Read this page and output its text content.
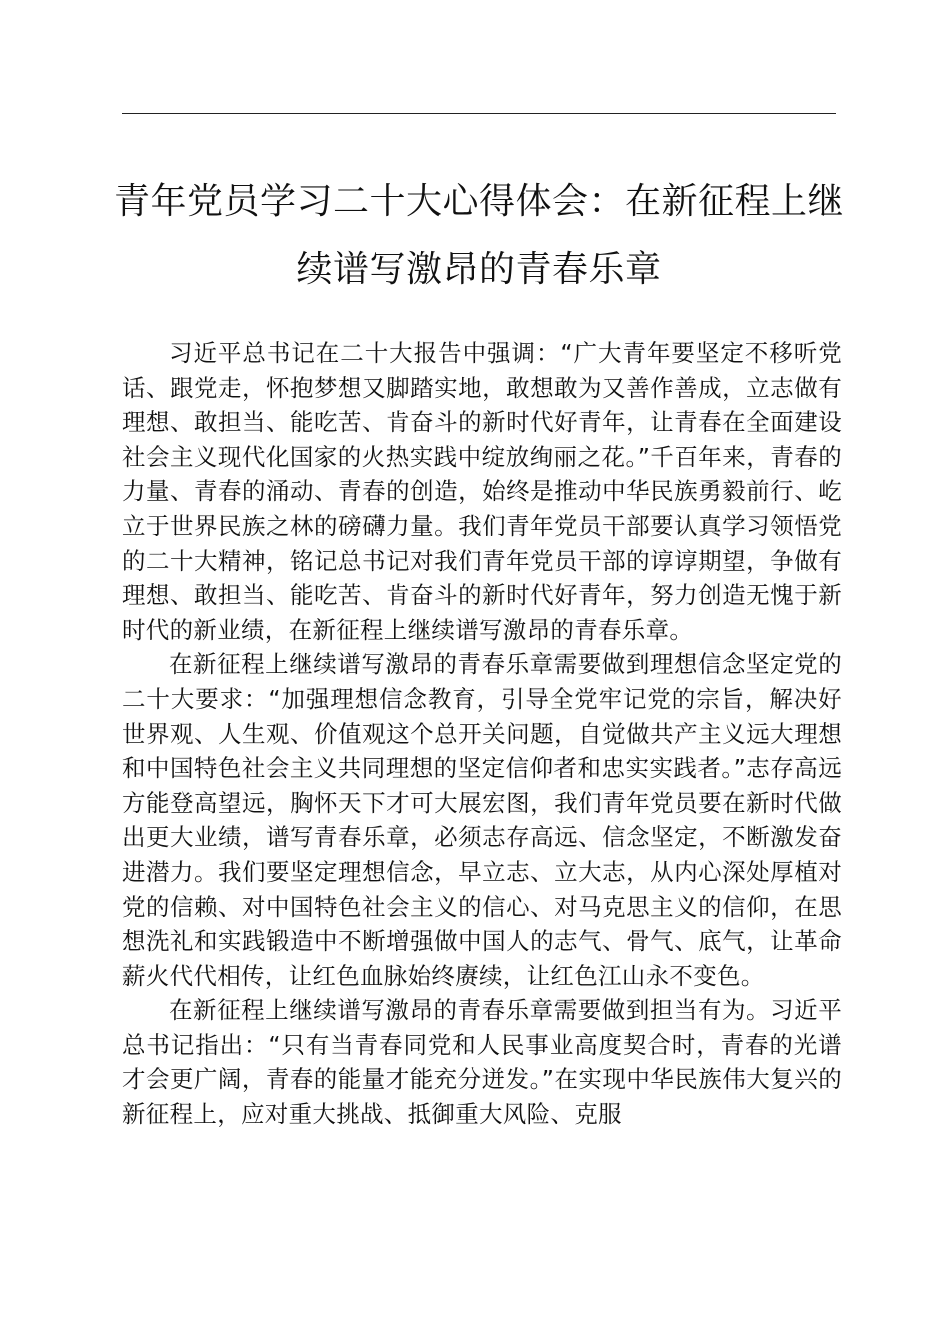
青年党员学习二十大心得体会：在新征程上继
续谱写激昂的青春乐章

习近平总书记在二十大报告中强调：“广大青年要坚定不移听党话、跟党走，怀抱梦想又脚踏实地，敢想敢为又善作善成，立志做有理想、敢担当、能吃苦、肯奋斗的新时代好青年，让青春在全面建设社会主义现代化国家的火热实践中绽放绚丽之花。”千百年来，青春的力量、青春的涌动、青春的创造，始终是推动中华民族勇毅前行、屹立于世界民族之林的磅礴力量。我们青年党员干部要认真学习领悟党的二十大精神，铭记总书记对我们青年党员干部的谆谆期望，争做有理想、敢担当、能吃苦、肯奋斗的新时代好青年，努力创造无愧于新时代的新业绩，在新征程上继续谱写激昂的青春乐章。

在新征程上继续谱写激昂的青春乐章需要做到理想信念坚定党的二十大要求：“加强理想信念教育，引导全党牢记党的宗旨，解决好世界观、人生观、价值观这个总开关问题，自觉做共产主义远大理想和中国特色社会主义共同理想的坚定信仰者和忠实实践者。”志存高远方能登高望远，胸怀天下才可大展宏图，我们青年党员要在新时代做出更大业绩，谱写青春乐章，必须志存高远、信念坚定，不断激发奋进潜力。我们要坚定理想信念，早立志、立大志，从内心深处厚植对党的信赖、对中国特色社会主义的信心、对马克思主义的信仰，在思想洗礼和实践锻造中不断增强做中国人的志气、骨气、底气，让革命薪火代代相传，让红色血脉始终赓续，让红色江山永不变色。

在新征程上继续谱写激昂的青春乐章需要做到担当有为。习近平总书记指出：“只有当青春同党和人民事业高度契合时，青春的光谱才会更广阔，青春的能量才能充分迸发。”在实现中华民族伟大复兴的新征程上，应对重大挑战、抵御重大风险、克服
